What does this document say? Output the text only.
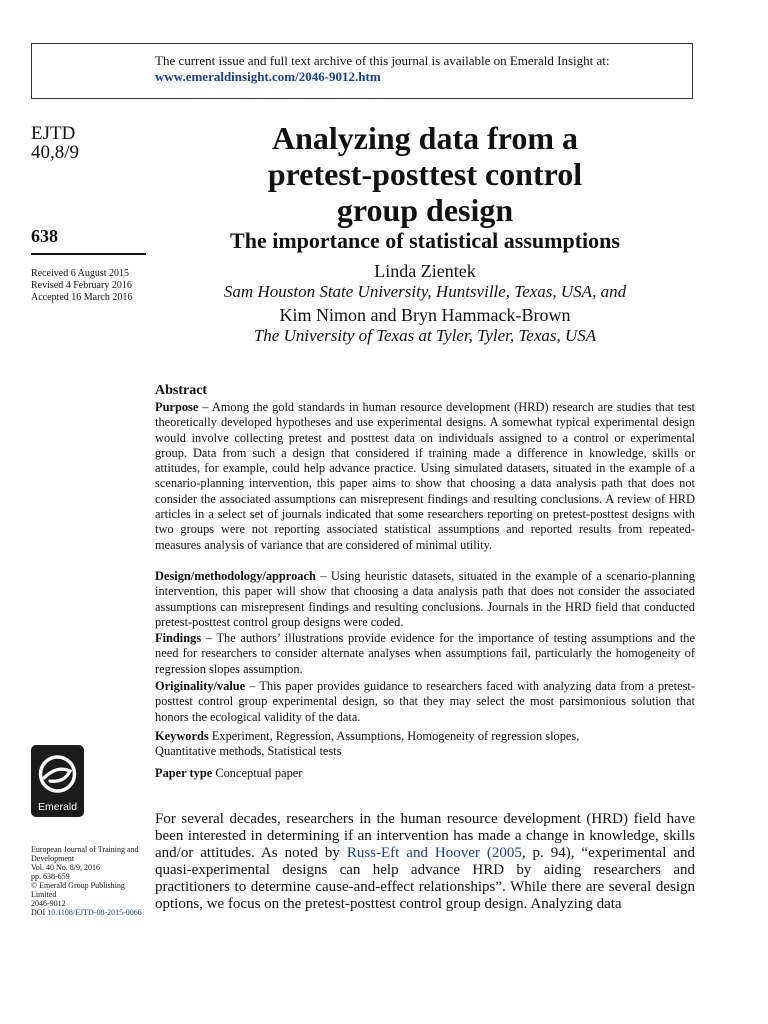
The current issue and full text archive of this journal is available on Emerald Insight at:
www.emeraldinsight.com/2046-9012.htm
EJTD
40,8/9
638
Received 6 August 2015
Revised 4 February 2016
Accepted 16 March 2016
Analyzing data from a
pretest-posttest control
group design
The importance of statistical assumptions
Linda Zientek
Sam Houston State University, Huntsville, Texas, USA, and
Kim Nimon and Bryn Hammack-Brown
The University of Texas at Tyler, Tyler, Texas, USA
Abstract

Purpose – Among the gold standards in human resource development (HRD) research are studies that test theoretically developed hypotheses and use experimental designs. A somewhat typical experimental design would involve collecting pretest and posttest data on individuals assigned to a control or experimental group. Data from such a design that considered if training made a difference in knowledge, skills or attitudes, for example, could help advance practice. Using simulated datasets, situated in the example of a scenario-planning intervention, this paper aims to show that choosing a data analysis path that does not consider the associated assumptions can misrepresent findings and resulting conclusions. A review of HRD articles in a select set of journals indicated that some researchers reporting on pretest-posttest designs with two groups were not reporting associated statistical assumptions and reported results from repeated-measures analysis of variance that are considered of minimal utility.

Design/methodology/approach – Using heuristic datasets, situated in the example of a scenario-planning intervention, this paper will show that choosing a data analysis path that does not consider the associated assumptions can misrepresent findings and resulting conclusions. Journals in the HRD field that conducted pretest-posttest control group designs were coded.

Findings – The authors’ illustrations provide evidence for the importance of testing assumptions and the need for researchers to consider alternate analyses when assumptions fail, particularly the homogeneity of regression slopes assumption.

Originality/value – This paper provides guidance to researchers faced with analyzing data from a pretest-posttest control group experimental design, so that they may select the most parsimonious solution that honors the ecological validity of the data.

Keywords Experiment, Regression, Assumptions, Homogeneity of regression slopes, Quantitative methods, Statistical tests

Paper type Conceptual paper

Emerald
European Journal of Training and
Development
Vol. 40 No. 8/9, 2016
pp. 638-659
© Emerald Group Publishing Limited
2046-9012
DOI 10.1108/EJTD-08-2015-0066

For several decades, researchers in the human resource development (HRD) field have been interested in determining if an intervention has made a change in knowledge, skills and/or attitudes. As noted by Russ-Eft and Hoover (2005, p. 94), “experimental and quasi-experimental designs can help advance HRD by aiding researchers and practitioners to determine cause-and-effect relationships”. While there are several design options, we focus on the pretest-posttest control group design. Analyzing data
